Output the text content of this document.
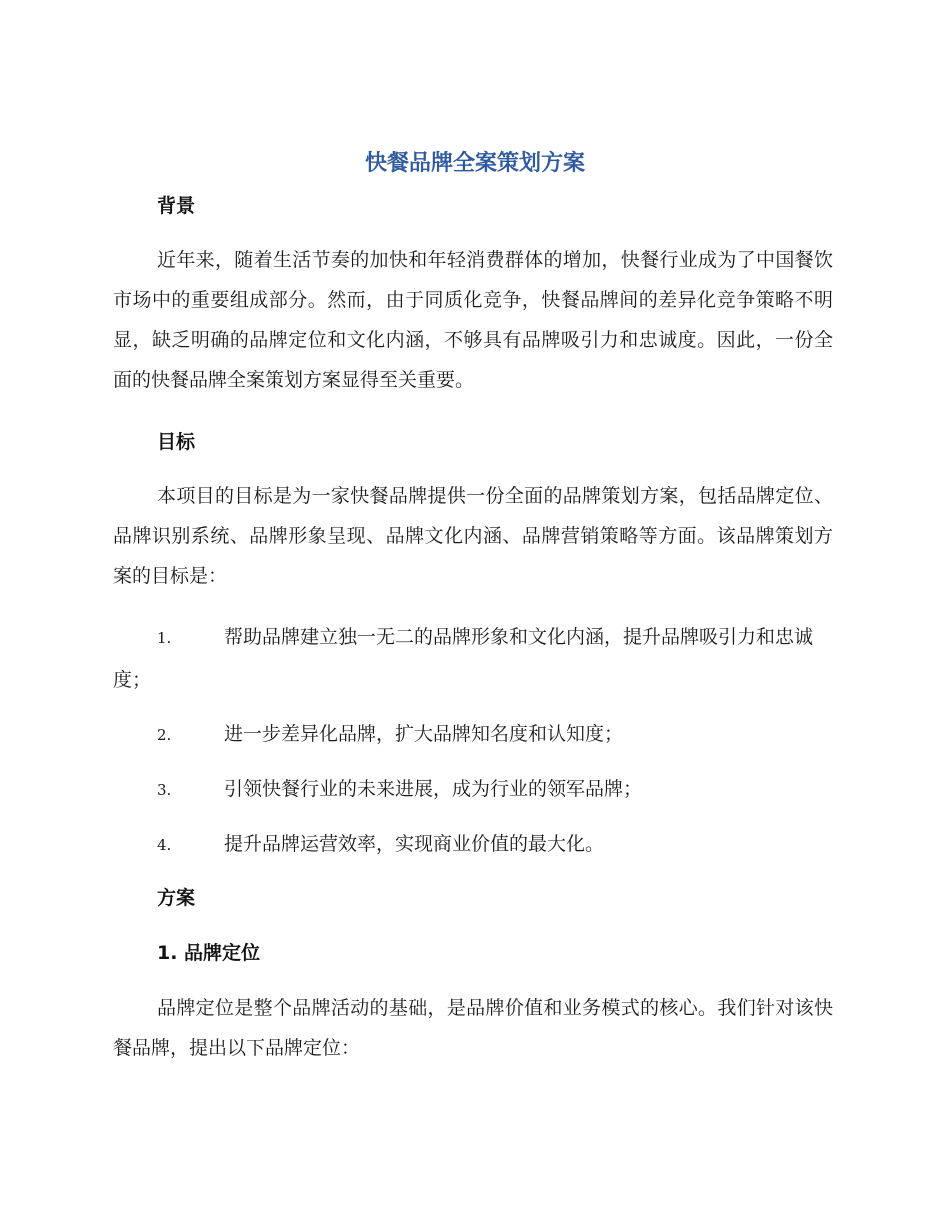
快餐品牌全案策划方案
背景
近年来，随着生活节奏的加快和年轻消费群体的增加，快餐行业成为了中国餐饮市场中的重要组成部分。然而，由于同质化竞争，快餐品牌间的差异化竞争策略不明显，缺乏明确的品牌定位和文化内涵，不够具有品牌吸引力和忠诚度。因此，一份全面的快餐品牌全案策划方案显得至关重要。
目标
本项目的目标是为一家快餐品牌提供一份全面的品牌策划方案，包括品牌定位、品牌识别系统、品牌形象呈现、品牌文化内涵、品牌营销策略等方面。该品牌策划方案的目标是：
1.	帮助品牌建立独一无二的品牌形象和文化内涵，提升品牌吸引力和忠诚度；
2.	进一步差异化品牌，扩大品牌知名度和认知度；
3.	引领快餐行业的未来进展，成为行业的领军品牌；
4.	提升品牌运营效率，实现商业价值的最大化。
方案
1. 品牌定位
品牌定位是整个品牌活动的基础，是品牌价值和业务模式的核心。我们针对该快餐品牌，提出以下品牌定位：
